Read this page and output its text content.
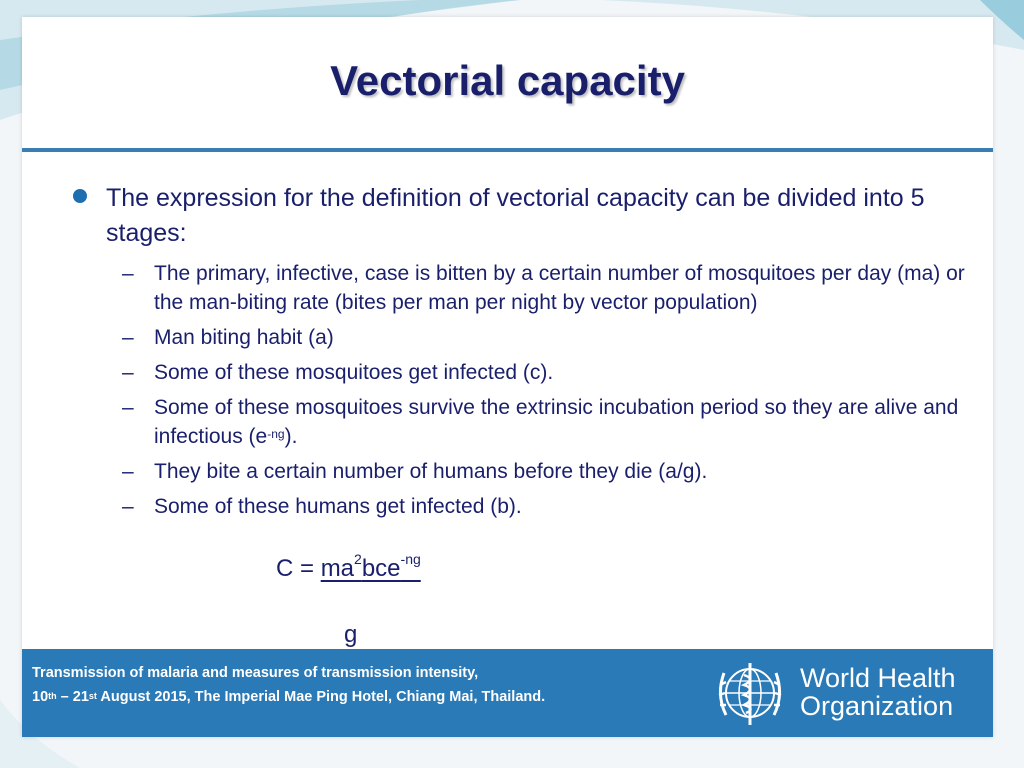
Vectorial capacity
The expression for the definition of vectorial capacity can be divided into 5 stages:
– The primary, infective, case is bitten by a certain number of mosquitoes per day (ma) or the man-biting rate (bites per man per night by vector population)
– Man biting habit (a)
– Some of these mosquitoes get infected (c).
– Some of these mosquitoes survive the extrinsic incubation period so they are alive and infectious $(e^{-ng})$.
– They bite a certain number of humans before they die (a/g).
– Some of these humans get infected (b).
$C = ma^2bce^{-ng}$
g
Transmission of malaria and measures of transmission intensity,
10th – 21st August 2015, The Imperial Mae Ping Hotel, Chiang Mai, Thailand.
World Health
Organization
